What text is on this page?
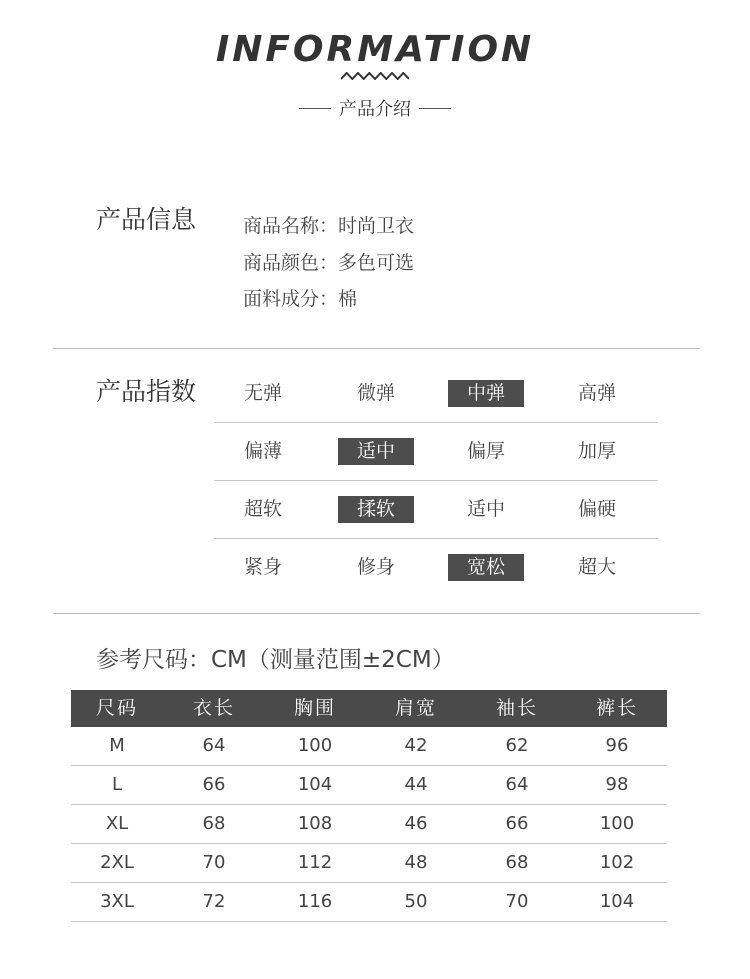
INFORMATION
产品介绍
产品信息 商品名称：时尚卫衣
商品颜色：多色可选
面料成分：棉
产品指数	无弹	微弹	中弹	高弹
偏薄	适中	偏厚	加厚
超软	揉软	适中	偏硬
紧身	修身	宽松	超大
参考尺码：CM（测量范围±2CM）
尺码	衣长	胸围	肩宽	袖长	裤长
M	64	100	42	62	96
L	66	104	44	64	98
XL	68	108	46	66	100
2XL	70	112	48	68	102
3XL	72	116	50	70	104
